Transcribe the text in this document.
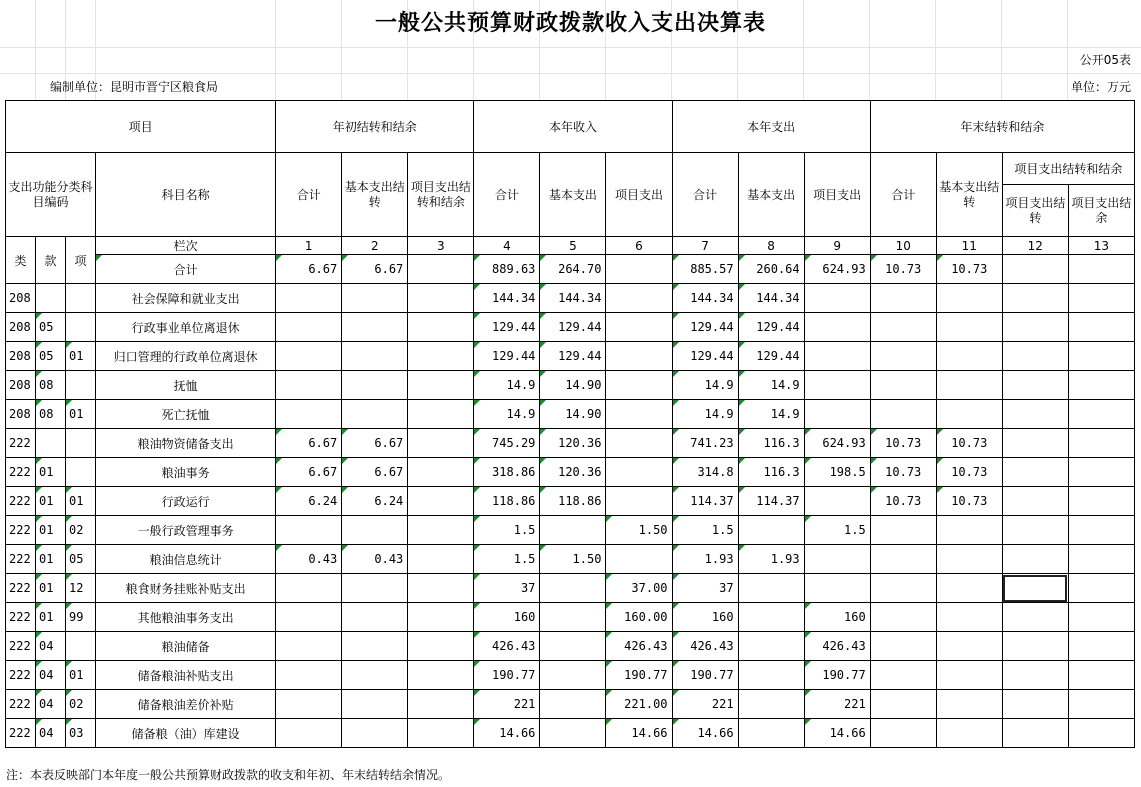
一般公共预算财政拨款收入支出决算表
公开05表
编制单位：昆明市晋宁区粮食局	单位：万元
项目				年初结转和结余			本年收入			本年支出			年末结转和结余			
支出功能分类科目编码			科目名称	合计	基本支出结转	项目支出结转和结余	合计	基本支出	项目支出	合计	基本支出	项目支出	合计	基本支出结转	项目支出结转和结余	
															项目支出结转	项目支出结余
类	款	项	栏次	1	2	3	4	5	6	7	8	9	10	11	12	13
			合计	6.67	6.67		889.63	264.70		885.57	260.64	624.93	10.73	10.73		
208			社会保障和就业支出				144.34	144.34		144.34	144.34					
208	05		行政事业单位离退休				129.44	129.44		129.44	129.44					
208	05	01	归口管理的行政单位离退休				129.44	129.44		129.44	129.44					
208	08		抚恤				14.9	14.90		14.9	14.9					
208	08	01	死亡抚恤				14.9	14.90		14.9	14.9					
222			粮油物资储备支出	6.67	6.67		745.29	120.36		741.23	116.3	624.93	10.73	10.73		
222	01		粮油事务	6.67	6.67		318.86	120.36		314.8	116.3	198.5	10.73	10.73		
222	01	01	行政运行	6.24	6.24		118.86	118.86		114.37	114.37		10.73	10.73		
222	01	02	一般行政管理事务				1.5		1.50	1.5		1.5				
222	01	05	粮油信息统计	0.43	0.43		1.5	1.50		1.93	1.93					
222	01	12	粮食财务挂账补贴支出				37		37.00	37						
222	01	99	其他粮油事务支出				160		160.00	160		160				
222	04		粮油储备				426.43		426.43	426.43		426.43				
222	04	01	储备粮油补贴支出				190.77		190.77	190.77		190.77				
222	04	02	储备粮油差价补贴				221		221.00	221		221				
222	04	03	储备粮（油）库建设				14.66		14.66	14.66		14.66				
注：本表反映部门本年度一般公共预算财政拨款的收支和年初、年末结转结余情况。
